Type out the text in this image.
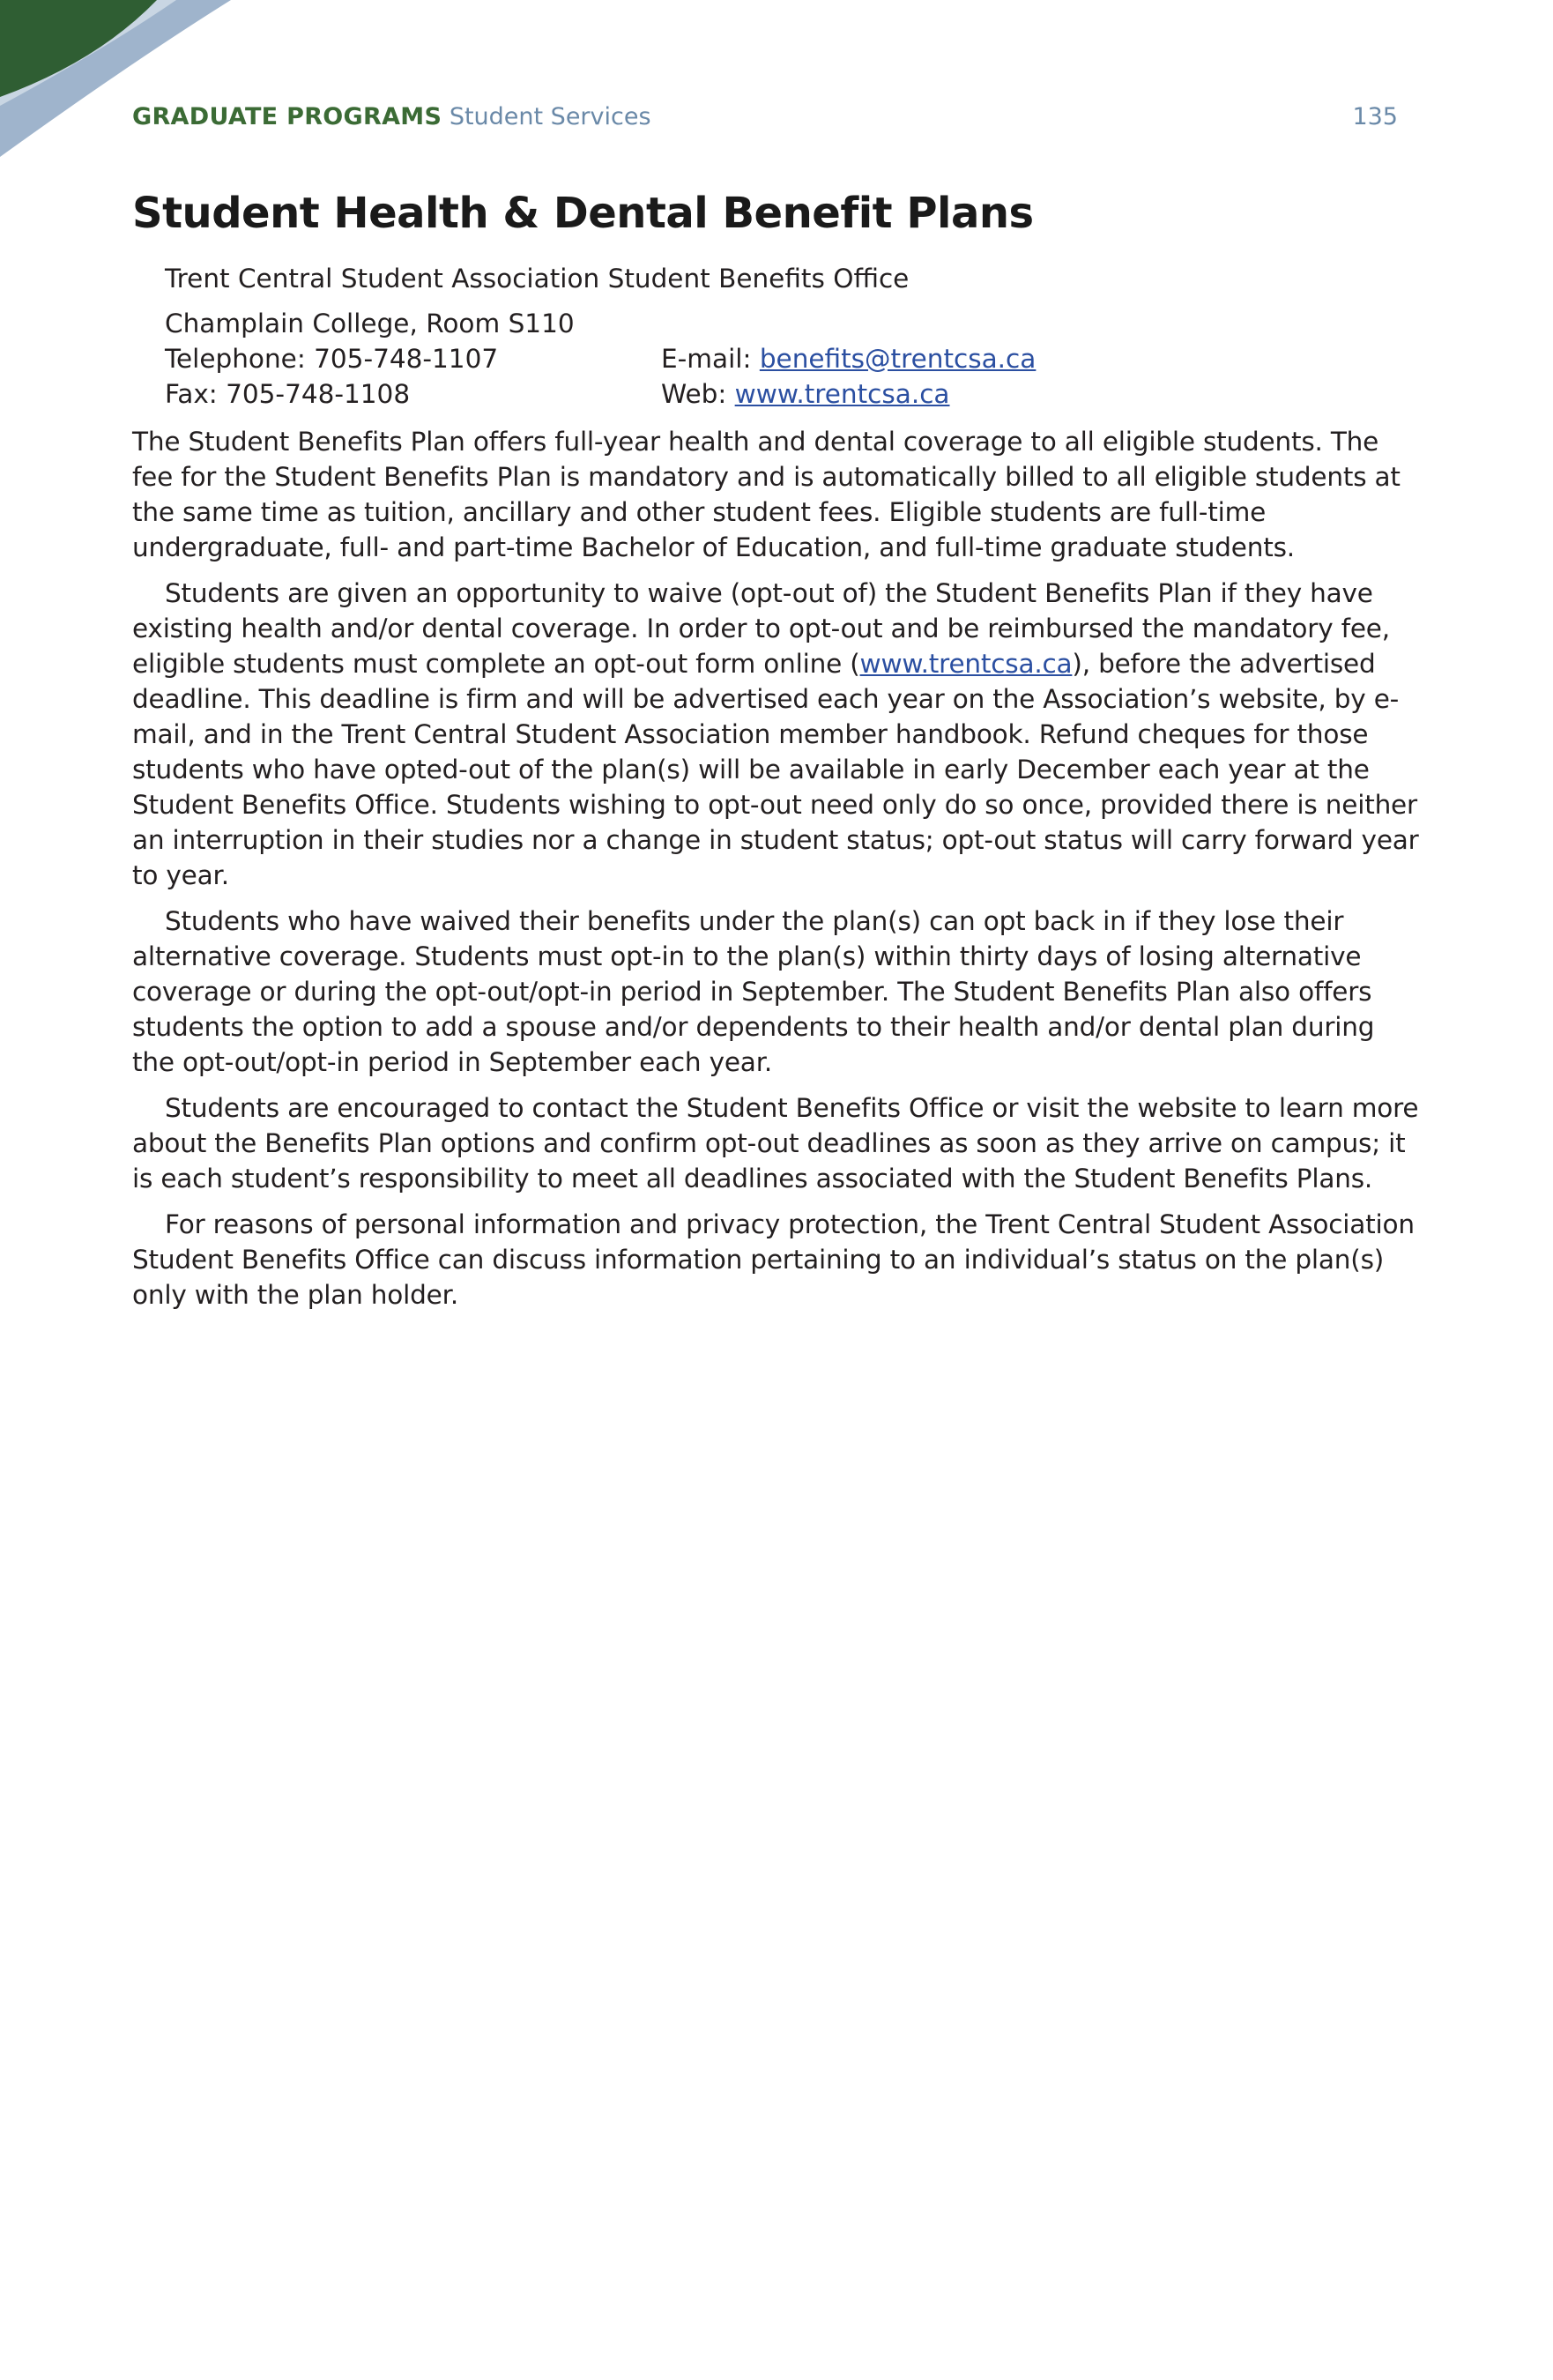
GRADUATE PROGRAMS Student Services	135
Student Health & Dental Benefit Plans
Trent Central Student Association Student Benefits Office
Champlain College, Room S110
Telephone: 705-748-1107	E-mail: benefits@trentcsa.ca
Fax: 705-748-1108	Web: www.trentcsa.ca

The Student Benefits Plan offers full-year health and dental coverage to all eligible students. The fee for the Student Benefits Plan is mandatory and is automatically billed to all eligible students at the same time as tuition, ancillary and other student fees. Eligible students are full-time undergraduate, full- and part-time Bachelor of Education, and full-time graduate students.

Students are given an opportunity to waive (opt-out of) the Student Benefits Plan if they have existing health and/or dental coverage. In order to opt-out and be reimbursed the mandatory fee, eligible students must complete an opt-out form online (www.trentcsa.ca), before the advertised deadline. This deadline is firm and will be advertised each year on the Association’s website, by e-mail, and in the Trent Central Student Association member handbook. Refund cheques for those students who have opted-out of the plan(s) will be available in early December each year at the Student Benefits Office. Students wishing to opt-out need only do so once, provided there is neither an interruption in their studies nor a change in student status; opt-out status will carry forward year to year.

Students who have waived their benefits under the plan(s) can opt back in if they lose their alternative coverage. Students must opt-in to the plan(s) within thirty days of losing alternative coverage or during the opt-out/opt-in period in September. The Student Benefits Plan also offers students the option to add a spouse and/or dependents to their health and/or dental plan during the opt-out/opt-in period in September each year.

Students are encouraged to contact the Student Benefits Office or visit the website to learn more about the Benefits Plan options and confirm opt-out deadlines as soon as they arrive on campus; it is each student’s responsibility to meet all deadlines associated with the Student Benefits Plans.

For reasons of personal information and privacy protection, the Trent Central Student Association Student Benefits Office can discuss information pertaining to an individual’s status on the plan(s) only with the plan holder.
